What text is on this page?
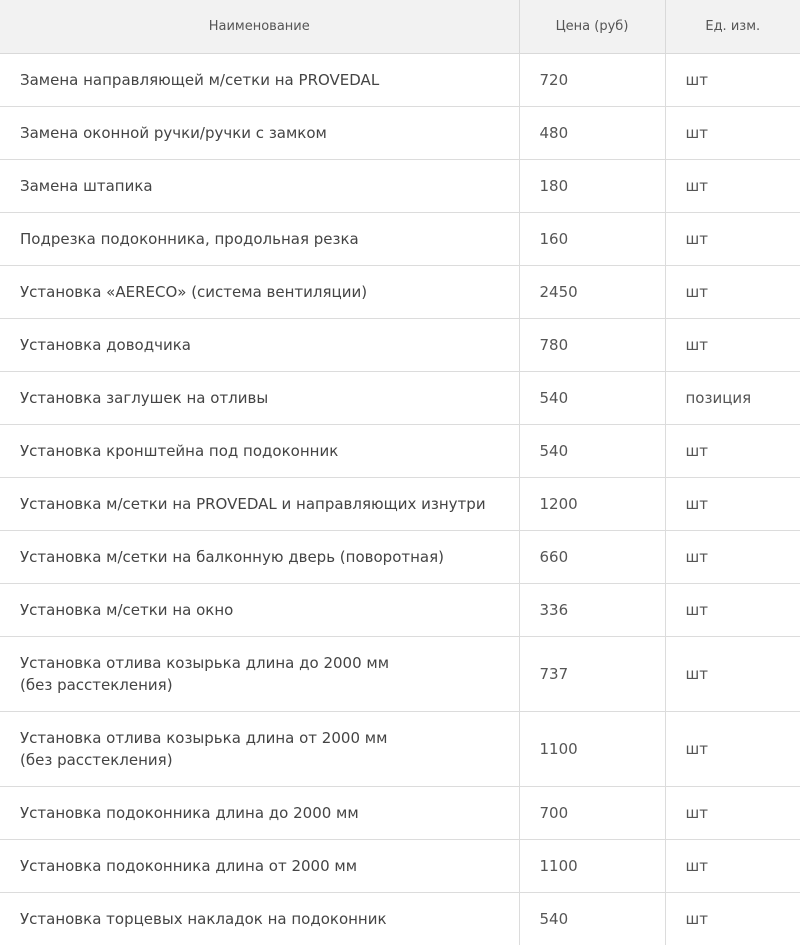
Наименование	Цена (руб)	Ед. изм.
Замена направляющей м/сетки на PROVEDAL	720	шт
Замена оконной ручки/ручки с замком	480	шт
Замена штапика	180	шт
Подрезка подоконника, продольная резка	160	шт
Установка «AERECO» (система вентиляции)	2450	шт
Установка доводчика	780	шт
Установка заглушек на отливы	540	позиция
Установка кронштейна под подоконник	540	шт
Установка м/сетки на PROVEDAL и направляющих изнутри	1200	шт
Установка м/сетки на балконную дверь (поворотная)	660	шт
Установка м/сетки на окно	336	шт
Установка отлива козырька длина до 2000 мм
(без расстекления)	737	шт
Установка отлива козырька длина от 2000 мм
(без расстекления)	1100	шт
Установка подоконника длина до 2000 мм	700	шт
Установка подоконника длина от 2000 мм	1100	шт
Установка торцевых накладок на подоконник	540	шт
